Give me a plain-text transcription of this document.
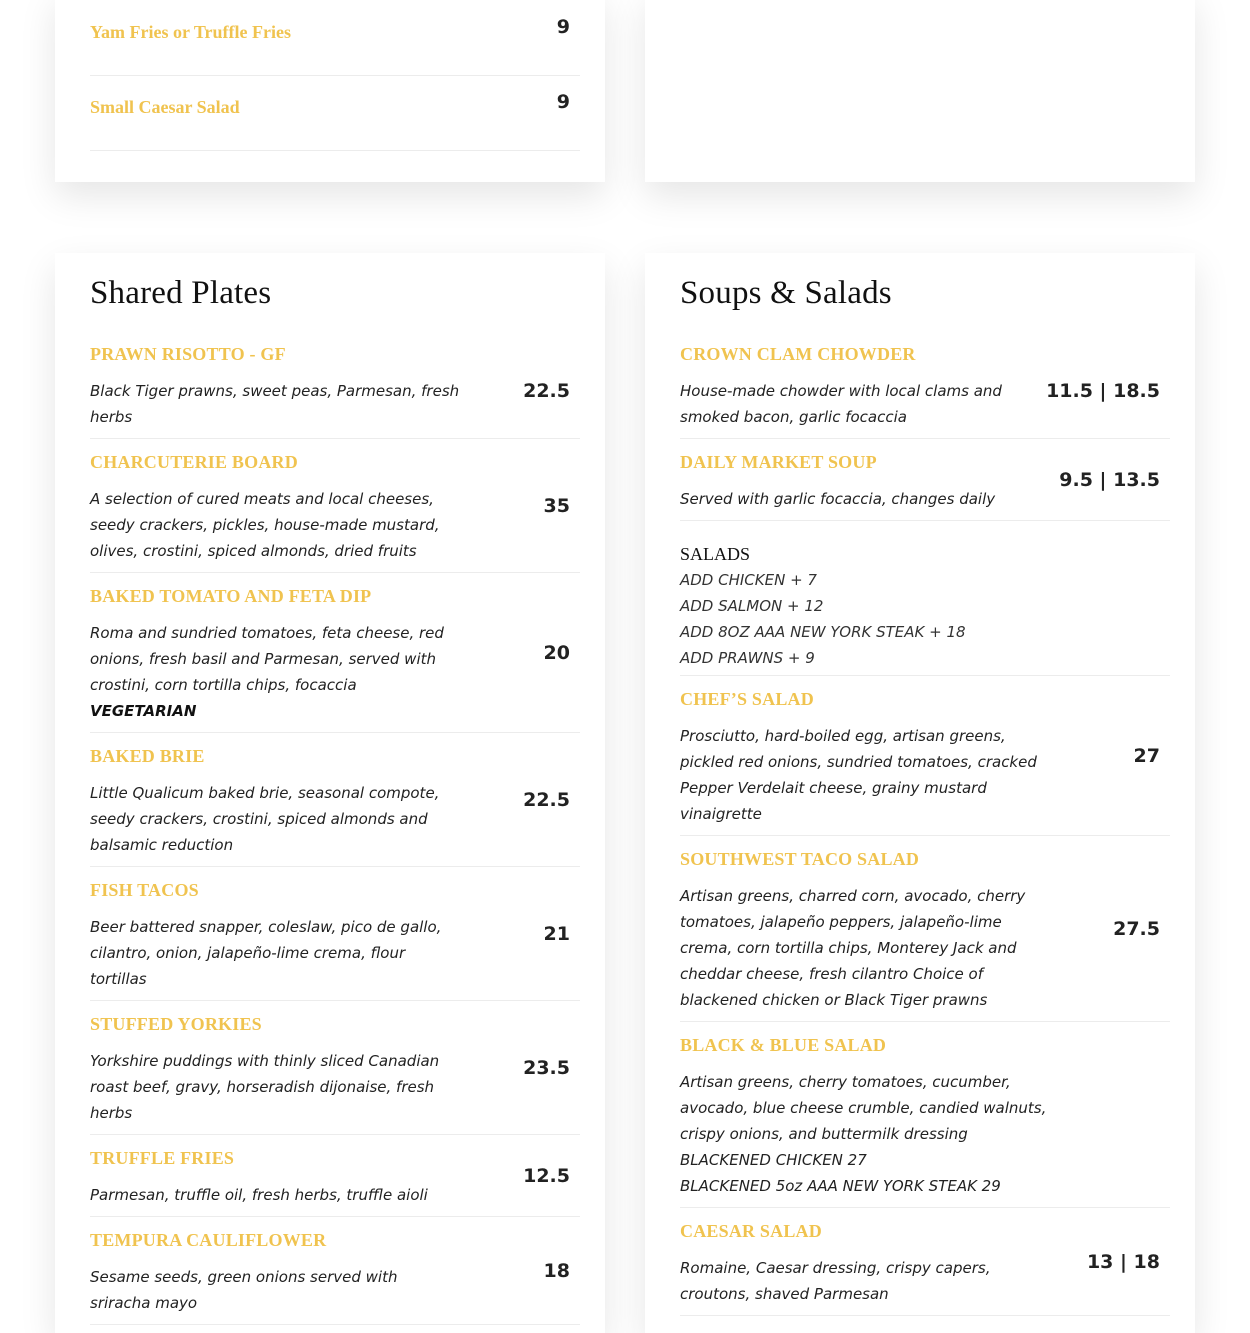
Yam Fries or Truffle Fries	9
Small Caesar Salad	9
Shared Plates
PRAWN RISOTTO - GF
Black Tiger prawns, sweet peas, Parmesan, fresh herbs
22.5
CHARCUTERIE BOARD
A selection of cured meats and local cheeses, seedy crackers, pickles, house-made mustard, olives, crostini, spiced almonds, dried fruits
35
BAKED TOMATO AND FETA DIP
Roma and sundried tomatoes, feta cheese, red onions, fresh basil and Parmesan, served with crostini, corn tortilla chips, focaccia
VEGETARIAN
20
BAKED BRIE
Little Qualicum baked brie, seasonal compote, seedy crackers, crostini, spiced almonds and balsamic reduction
22.5
FISH TACOS
Beer battered snapper, coleslaw, pico de gallo, cilantro, onion, jalapeño-lime crema, flour tortillas
21
STUFFED YORKIES
Yorkshire puddings with thinly sliced Canadian roast beef, gravy, horseradish dijonaise, fresh herbs
23.5
TRUFFLE FRIES
Parmesan, truffle oil, fresh herbs, truffle aioli
12.5
TEMPURA CAULIFLOWER
Sesame seeds, green onions served with sriracha mayo
18
Soups & Salads
CROWN CLAM CHOWDER
House-made chowder with local clams and smoked bacon, garlic focaccia
11.5 | 18.5
DAILY MARKET SOUP
Served with garlic focaccia, changes daily
9.5 | 13.5
SALADS
ADD CHICKEN + 7
ADD SALMON + 12
ADD 8OZ AAA NEW YORK STEAK + 18
ADD PRAWNS + 9
CHEF’S SALAD
Prosciutto, hard-boiled egg, artisan greens, pickled red onions, sundried tomatoes, cracked Pepper Verdelait cheese, grainy mustard vinaigrette
27
SOUTHWEST TACO SALAD
Artisan greens, charred corn, avocado, cherry tomatoes, jalapeño peppers, jalapeño-lime crema, corn tortilla chips, Monterey Jack and cheddar cheese, fresh cilantro Choice of blackened chicken or Black Tiger prawns
27.5
BLACK & BLUE SALAD
Artisan greens, cherry tomatoes, cucumber, avocado, blue cheese crumble, candied walnuts, crispy onions, and buttermilk dressing
BLACKENED CHICKEN 27
BLACKENED 5oz AAA NEW YORK STEAK 29
CAESAR SALAD
Romaine, Caesar dressing, crispy capers, croutons, shaved Parmesan
13 | 18
